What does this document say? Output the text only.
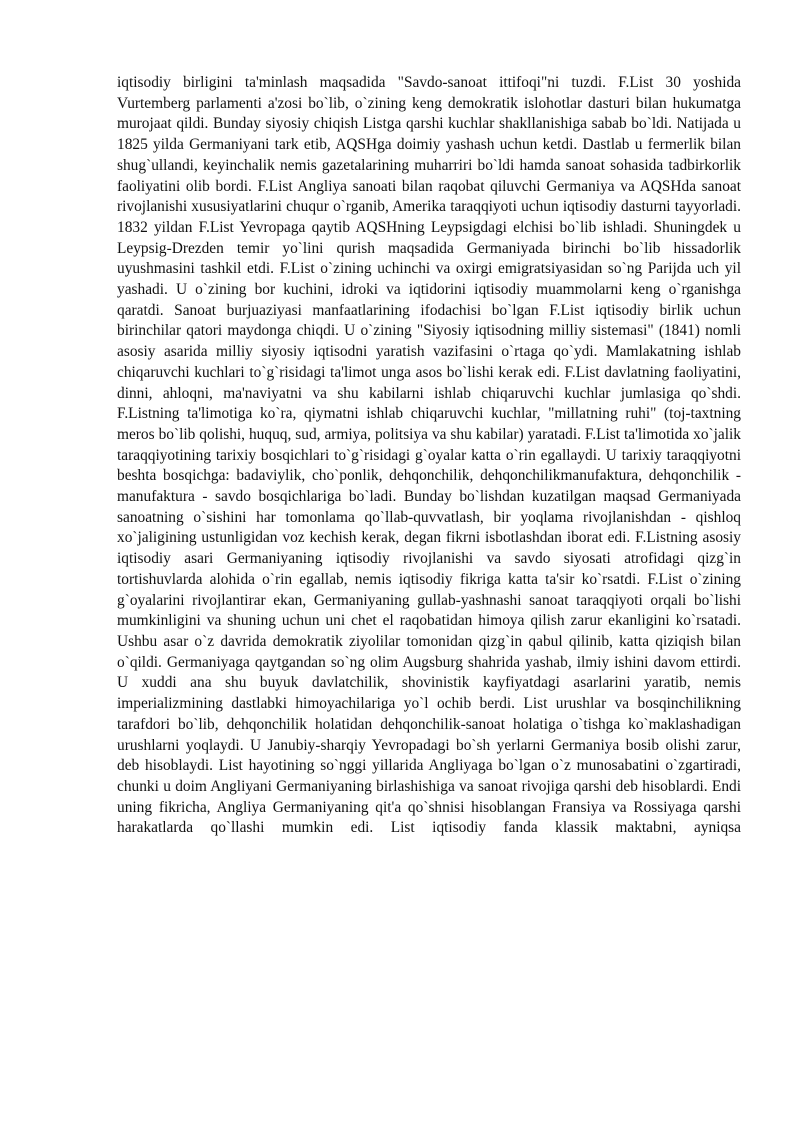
iqtisodiy birligini ta'minlash maqsadida "Savdo-sanoat ittifoqi"ni tuzdi. F.List 30 yoshida Vurtemberg parlamenti a'zosi bo`lib, o`zining keng demokratik islohotlar dasturi bilan hukumatga murojaat qildi. Bunday siyosiy chiqish Listga qarshi kuchlar shakllanishiga sabab bo`ldi. Natijada u 1825 yilda Germaniyani tark etib, AQSHga doimiy yashash uchun ketdi. Dastlab u fermerlik bilan shug`ullandi, keyinchalik nemis gazetalarining muharriri bo`ldi hamda sanoat sohasida tadbirkorlik faoliyatini olib bordi. F.List Angliya sanoati bilan raqobat qiluvchi Germaniya va AQSHda sanoat rivojlanishi xususiyatlarini chuqur o`rganib, Amerika taraqqiyoti uchun iqtisodiy dasturni tayyorladi. 1832 yildan F.List Yevropaga qaytib AQSHning Leypsigdagi elchisi bo`lib ishladi. Shuningdek u Leypsig-Drezden temir yo`lini qurish maqsadida Germaniyada birinchi bo`lib hissadorlik uyushmasini tashkil etdi. F.List o`zining uchinchi va oxirgi emigratsiyasidan so`ng Parijda uch yil yashadi. U o`zining bor kuchini, idroki va iqtidorini iqtisodiy muammolarni keng o`rganishga qaratdi. Sanoat burjuaziyasi manfaatlarining ifodachisi bo`lgan F.List iqtisodiy birlik uchun birinchilar qatori maydonga chiqdi. U o`zining "Siyosiy iqtisodning milliy sistemasi" (1841) nomli asosiy asarida milliy siyosiy iqtisodni yaratish vazifasini o`rtaga qo`ydi. Mamlakatning ishlab chiqaruvchi kuchlari to`g`risidagi ta'limot unga asos bo`lishi kerak edi. F.List davlatning faoliyatini, dinni, ahloqni, ma'naviyatni va shu kabilarni ishlab chiqaruvchi kuchlar jumlasiga qo`shdi. F.Listning ta'limotiga ko`ra, qiymatni ishlab chiqaruvchi kuchlar, "millatning ruhi" (toj-taxtning meros bo`lib qolishi, huquq, sud, armiya, politsiya va shu kabilar) yaratadi. F.List ta'limotida xo`jalik taraqqiyotining tarixiy bosqichlari to`g`risidagi g`oyalar katta o`rin egallaydi. U tarixiy taraqqiyotni beshta bosqichga: badaviylik, cho`ponlik, dehqonchilik, dehqonchilikmanufaktura, dehqonchilik - manufaktura - savdo bosqichlariga bo`ladi. Bunday bo`lishdan kuzatilgan maqsad Germaniyada sanoatning o`sishini har tomonlama qo`llab-quvvatlash, bir yoqlama rivojlanishdan - qishloq xo`jaligining ustunligidan voz kechish kerak, degan fikrni isbotlashdan iborat edi. F.Listning asosiy iqtisodiy asari Germaniyaning iqtisodiy rivojlanishi va savdo siyosati atrofidagi qizg`in tortishuvlarda alohida o`rin egallab, nemis iqtisodiy fikriga katta ta'sir ko`rsatdi. F.List o`zining g`oyalarini rivojlantirar ekan, Germaniyaning gullab-yashnashi sanoat taraqqiyoti orqali bo`lishi mumkinligini va shuning uchun uni chet el raqobatidan himoya qilish zarur ekanligini ko`rsatadi. Ushbu asar o`z davrida demokratik ziyolilar tomonidan qizg`in qabul qilinib, katta qiziqish bilan o`qildi. Germaniyaga qaytgandan so`ng olim Augsburg shahrida yashab, ilmiy ishini davom ettirdi. U xuddi ana shu buyuk davlatchilik, shovinistik kayfiyatdagi asarlarini yaratib, nemis imperializmining dastlabki himoyachilariga yo`l ochib berdi. List urushlar va bosqinchilikning tarafdori bo`lib, dehqonchilik holatidan dehqonchilik-sanoat holatiga o`tishga ko`maklashadigan urushlarni yoqlaydi. U Janubiy-sharqiy Yevropadagi bo`sh yerlarni Germaniya bosib olishi zarur, deb hisoblaydi. List hayotining so`nggi yillarida Angliyaga bo`lgan o`z munosabatini o`zgartiradi, chunki u doim Angliyani Germaniyaning birlashishiga va sanoat rivojiga qarshi deb hisoblardi. Endi uning fikricha, Angliya Germaniyaning qit'a qo`shnisi hisoblangan Fransiya va Rossiyaga qarshi harakatlarda qo`llashi mumkin edi. List iqtisodiy fanda klassik maktabni, ayniqsa
